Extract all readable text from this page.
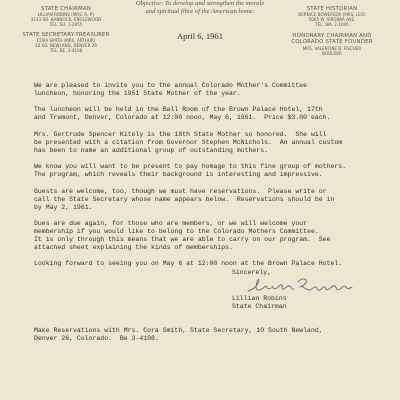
Objective: To develop and strengthen the morale
and spiritual fibre of the American home.
STATE CHAIRMAN
LILLIAN ROBINS (MRS. R. P.)
3143 SO. BANNOCK, ENGLEWOOD
TEL. SU. 1-2955
STATE SECRETARY-TREASURER
CORA SMITH (MRS. ARTHUR)
10 SO. NEWLAND, DENVER 26
TEL. BE. 3-4108
STATE HISTORIAN
BERNICE BOWERSOX (MRS. LEO)
5065 W. VIRGINIA AVE.
TEL. WA. 2-1045
HONORARY CHAIRMAN AND
COLORADO STATE FOUNDER
MRS. VALENTINE B. FISCHER
BOULDER
April 6, 1961

We are pleased to invite you to the annual Colorado Mother's Committee
luncheon, honoring the 1951 State Mother of the year.

The luncheon will be held in the Ball Room of the Brown Palace Hotel, 17th
and Tremont, Denver, Colorado at 12:00 noon, May 6, 1961.  Price $3.00 each.

Mrs. Gertrude Spencer Kitely is the 18th State Mother so honored.  She will
be presented with a citation from Governor Stephen McNichols.  An annual custom
has been to name an additional group of outstanding mothers.

We know you will want to be present to pay homage to this fine group of mothers.
The program, which reveals their background is interesting and impressive.

Guests are welcome, too, though we must have reservations.  Please write or
call the State Secretary whose name appears below.  Reservations should be in
by May 2, 1961.

Dues are due again, for those who are members, or we will welcome your
membership if you would like to belong to the Colorado Mothers Committee.
It is only through this means that we are able to carry on our program.  See
attached sheet explaining the kinds of memberships.

Looking forward to seeing you on May 6 at 12:00 noon at the Brown Palace Hotel.

Sincerely,
Lillian Robins
State Chairman
Make Reservations with Mrs. Cora Smith, State Secretary, 10 South Newland,
Denver 26, Colorado.  Be 3-4108.
